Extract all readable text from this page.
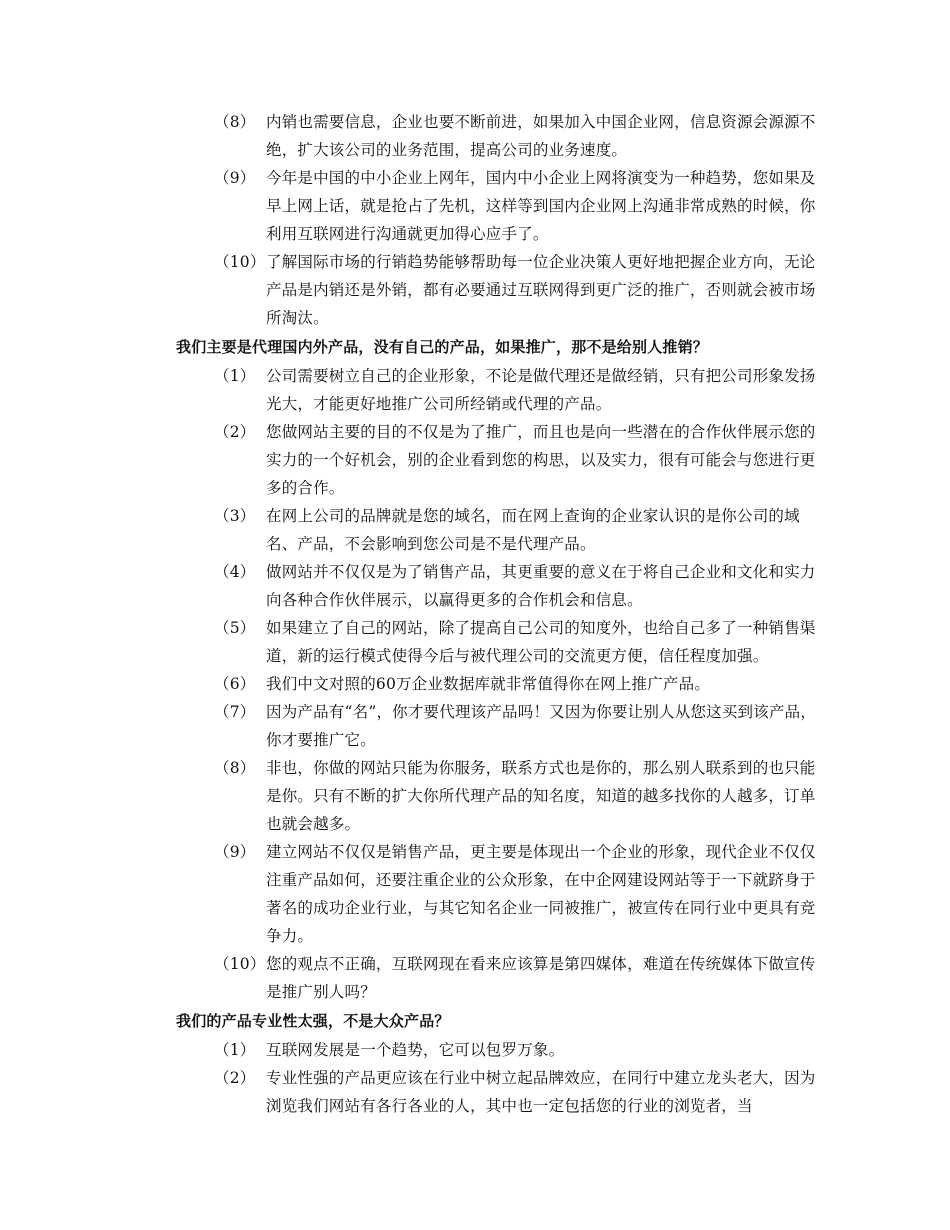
（8） 内销也需要信息，企业也要不断前进，如果加入中国企业网，信息资源会源源不绝，扩大该公司的业务范围，提高公司的业务速度。
（9） 今年是中国的中小企业上网年，国内中小企业上网将演变为一种趋势，您如果及早上网上话，就是抢占了先机，这样等到国内企业网上沟通非常成熟的时候，你利用互联网进行沟通就更加得心应手了。
（10） 了解国际市场的行销趋势能够帮助每一位企业决策人更好地把握企业方向，无论产品是内销还是外销，都有必要通过互联网得到更广泛的推广，否则就会被市场所淘汰。
我们主要是代理国内外产品，没有自己的产品，如果推广，那不是给别人推销？
（1） 公司需要树立自己的企业形象，不论是做代理还是做经销，只有把公司形象发扬光大，才能更好地推广公司所经销或代理的产品。
（2） 您做网站主要的目的不仅是为了推广，而且也是向一些潜在的合作伙伴展示您的实力的一个好机会，别的企业看到您的构思，以及实力，很有可能会与您进行更多的合作。
（3） 在网上公司的品牌就是您的域名，而在网上查询的企业家认识的是你公司的域名、产品，不会影响到您公司是不是代理产品。
（4） 做网站并不仅仅是为了销售产品，其更重要的意义在于将自己企业和文化和实力向各种合作伙伴展示，以赢得更多的合作机会和信息。
（5） 如果建立了自己的网站，除了提高自己公司的知度外，也给自己多了一种销售渠道，新的运行模式使得今后与被代理公司的交流更方便，信任程度加强。
（6） 我们中文对照的60万企业数据库就非常值得你在网上推广产品。
（7） 因为产品有“名”，你才要代理该产品吗！又因为你要让别人从您这买到该产品，你才要推广它。
（8） 非也，你做的网站只能为你服务，联系方式也是你的，那么别人联系到的也只能是你。只有不断的扩大你所代理产品的知名度，知道的越多找你的人越多，订单也就会越多。
（9） 建立网站不仅仅是销售产品，更主要是体现出一个企业的形象，现代企业不仅仅注重产品如何，还要注重企业的公众形象，在中企网建设网站等于一下就跻身于著名的成功企业行业，与其它知名企业一同被推广，被宣传在同行业中更具有竞争力。
（10） 您的观点不正确，互联网现在看来应该算是第四媒体，难道在传统媒体下做宣传是推广别人吗？
我们的产品专业性太强，不是大众产品？
（1） 互联网发展是一个趋势，它可以包罗万象。
（2） 专业性强的产品更应该在行业中树立起品牌效应，在同行中建立龙头老大，因为浏览我们网站有各行各业的人，其中也一定包括您的行业的浏览者，当
